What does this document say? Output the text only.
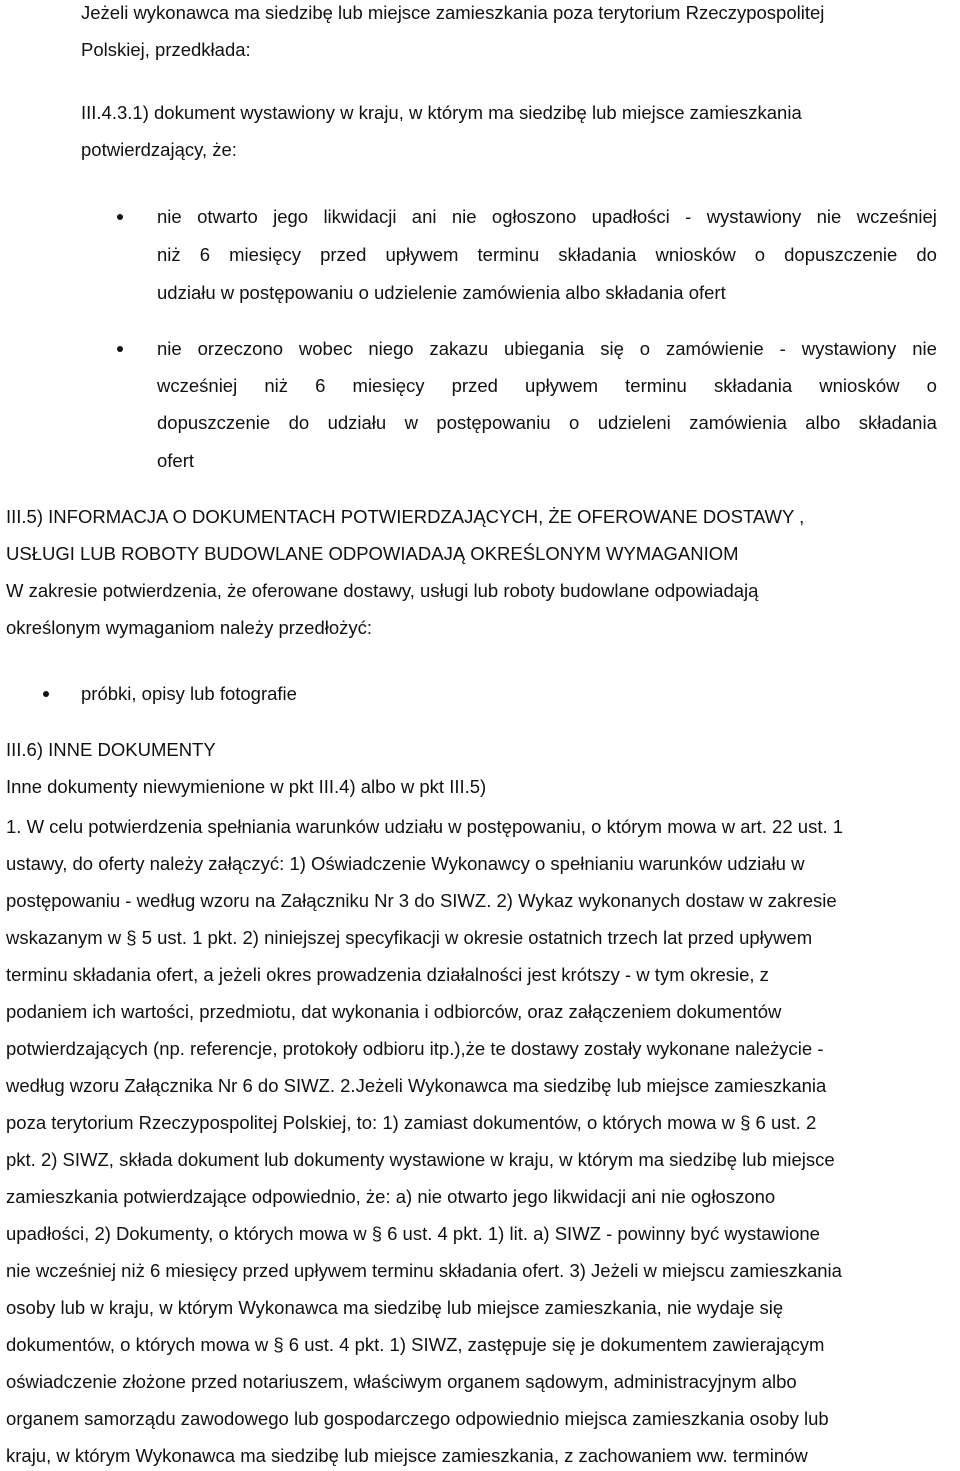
Jeżeli wykonawca ma siedzibę lub miejsce zamieszkania poza terytorium Rzeczypospolitej
Polskiej, przedkłada:
III.4.3.1) dokument wystawiony w kraju, w którym ma siedzibę lub miejsce zamieszkania
potwierdzający, że:
nie otwarto jego likwidacji ani nie ogłoszono upadłości - wystawiony nie wcześniej
niż 6 miesięcy przed upływem terminu składania wniosków o dopuszczenie do
udziału w postępowaniu o udzielenie zamówienia albo składania ofert
nie orzeczono wobec niego zakazu ubiegania się o zamówienie - wystawiony nie
wcześniej niż 6 miesięcy przed upływem terminu składania wniosków o
dopuszczenie do udziału w postępowaniu o udzieleni zamówienia albo składania
ofert
III.5) INFORMACJA O DOKUMENTACH POTWIERDZAJĄCYCH, ŻE OFEROWANE DOSTAWY ,
USŁUGI LUB ROBOTY BUDOWLANE ODPOWIADAJĄ OKREŚLONYM WYMAGANIOM
W zakresie potwierdzenia, że oferowane dostawy, usługi lub roboty budowlane odpowiadają
określonym wymaganiom należy przedłożyć:
próbki, opisy lub fotografie
III.6) INNE DOKUMENTY
Inne dokumenty niewymienione w pkt III.4) albo w pkt III.5)
1. W celu potwierdzenia spełniania warunków udziału w postępowaniu, o którym mowa w art. 22 ust. 1
ustawy, do oferty należy załączyć: 1) Oświadczenie Wykonawcy o spełnianiu warunków udziału w
postępowaniu - według wzoru na Załączniku Nr 3 do SIWZ. 2) Wykaz wykonanych dostaw w zakresie
wskazanym w § 5 ust. 1 pkt. 2) niniejszej specyfikacji w okresie ostatnich trzech lat przed upływem
terminu składania ofert, a jeżeli okres prowadzenia działalności jest krótszy - w tym okresie, z
podaniem ich wartości, przedmiotu, dat wykonania i odbiorców, oraz załączeniem dokumentów
potwierdzających (np. referencje, protokoły odbioru itp.),że te dostawy zostały wykonane należycie -
według wzoru Załącznika Nr 6 do SIWZ. 2.Jeżeli Wykonawca ma siedzibę lub miejsce zamieszkania
poza terytorium Rzeczypospolitej Polskiej, to: 1) zamiast dokumentów, o których mowa w § 6 ust. 2
pkt. 2) SIWZ, składa dokument lub dokumenty wystawione w kraju, w którym ma siedzibę lub miejsce
zamieszkania potwierdzające odpowiednio, że: a) nie otwarto jego likwidacji ani nie ogłoszono
upadłości, 2) Dokumenty, o których mowa w § 6 ust. 4 pkt. 1) lit. a) SIWZ - powinny być wystawione
nie wcześniej niż 6 miesięcy przed upływem terminu składania ofert. 3) Jeżeli w miejscu zamieszkania
osoby lub w kraju, w którym Wykonawca ma siedzibę lub miejsce zamieszkania, nie wydaje się
dokumentów, o których mowa w § 6 ust. 4 pkt. 1) SIWZ, zastępuje się je dokumentem zawierającym
oświadczenie złożone przed notariuszem, właściwym organem sądowym, administracyjnym albo
organem samorządu zawodowego lub gospodarczego odpowiednio miejsca zamieszkania osoby lub
kraju, w którym Wykonawca ma siedzibę lub miejsce zamieszkania, z zachowaniem ww. terminów
